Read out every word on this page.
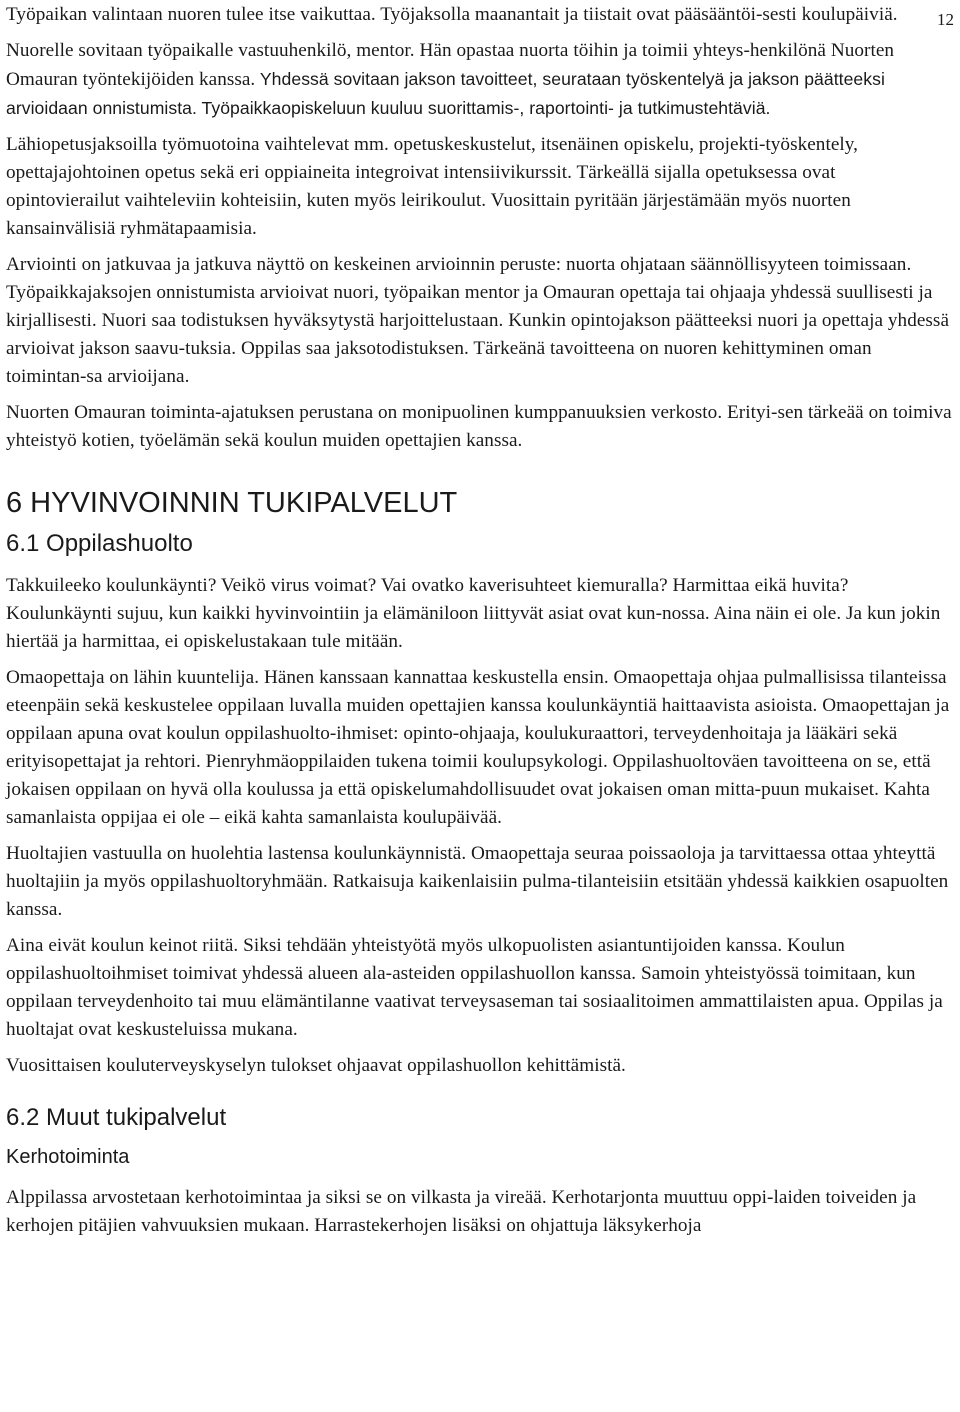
12

Työpaikan valintaan nuoren tulee itse vaikuttaa. Työjaksolla maanantait ja tiistait ovat pääsääntöi-sesti koulupäiviä.

Nuorelle sovitaan työpaikalle vastuuhenkilö, mentor. Hän opastaa nuorta töihin ja toimii yhteys-henkilönä Nuorten Omauran työntekijöiden kanssa. Yhdessä sovitaan jakson tavoitteet, seurataan työskentelyä ja jakson päätteeksi arvioidaan onnistumista. Työpaikkaopiskeluun kuuluu suorittamis-, raportointi- ja tutkimustehtäviä.

Lähiopetusjaksoilla työmuotoina vaihtelevat mm. opetuskeskustelut, itsenäinen opiskelu, projekti-työskentely, opettajajohtoinen opetus sekä eri oppiaineita integroivat intensiivikurssit. Tärkeällä sijalla opetuksessa ovat opintovierailut vaihteleviin kohteisiin, kuten myös leirikoulut. Vuosittain pyritään järjestämään myös nuorten kansainvälisiä ryhmätapaamisia.

Arviointi on jatkuvaa ja jatkuva näyttö on keskeinen arvioinnin peruste: nuorta ohjataan säännöllisyyteen toimissaan. Työpaikkajaksojen onnistumista arvioivat nuori, työpaikan mentor ja Omauran opettaja tai ohjaaja yhdessä suullisesti ja kirjallisesti. Nuori saa todistuksen hyväksytystä harjoittelustaan. Kunkin opintojakson päätteeksi nuori ja opettaja yhdessä arvioivat jakson saavu-tuksia. Oppilas saa jaksotodistuksen. Tärkeänä tavoitteena on nuoren kehittyminen oman toimintan-sa arvioijana.

Nuorten Omauran toiminta-ajatuksen perustana on monipuolinen kumppanuuksien verkosto. Erityi-sen tärkeää on toimiva yhteistyö kotien, työelämän sekä koulun muiden opettajien kanssa.

6 HYVINVOINNIN TUKIPALVELUT
6.1 Oppilashuolto

Takkuileeko koulunkäynti? Veikö virus voimat? Vai ovatko kaverisuhteet kiemuralla? Harmittaa eikä huvita? Koulunkäynti sujuu, kun kaikki hyvinvointiin ja elämäniloon liittyvät asiat ovat kun-nossa. Aina näin ei ole. Ja kun jokin hiertää ja harmittaa, ei opiskelustakaan tule mitään.

Omaopettaja on lähin kuuntelija. Hänen kanssaan kannattaa keskustella ensin. Omaopettaja ohjaa pulmallisissa tilanteissa eteenpäin sekä keskustelee oppilaan luvalla muiden opettajien kanssa koulunkäyntiä haittaavista asioista. Omaopettajan ja oppilaan apuna ovat koulun oppilashuolto-ihmiset: opinto-ohjaaja, koulukuraattori, terveydenhoitaja ja lääkäri sekä erityisopettajat ja rehtori. Pienryhmäoppilaiden tukena toimii koulupsykologi. Oppilashuoltoväen tavoitteena on se, että jokaisen oppilaan on hyvä olla koulussa ja että opiskelumahdollisuudet ovat jokaisen oman mitta-puun mukaiset. Kahta samanlaista oppijaa ei ole – eikä kahta samanlaista koulupäivää.

Huoltajien vastuulla on huolehtia lastensa koulunkäynnistä. Omaopettaja seuraa poissaoloja ja tarvittaessa ottaa yhteyttä huoltajiin ja myös oppilashuoltoryhmään. Ratkaisuja kaikenlaisiin pulma-tilanteisiin etsitään yhdessä kaikkien osapuolten kanssa.

Aina eivät koulun keinot riitä. Siksi tehdään yhteistyötä myös ulkopuolisten asiantuntijoiden kanssa. Koulun oppilashuoltoihmiset toimivat yhdessä alueen ala-asteiden oppilashuollon kanssa. Samoin yhteistyössä toimitaan, kun oppilaan terveydenhoito tai muu elämäntilanne vaativat terveysaseman tai sosiaalitoimen ammattilaisten apua. Oppilas ja huoltajat ovat keskusteluissa mukana.

Vuosittaisen kouluterveyskyselyn tulokset ohjaavat oppilashuollon kehittämistä.

6.2 Muut tukipalvelut
Kerhotoiminta

Alppilassa arvostetaan kerhotoimintaa ja siksi se on vilkasta ja vireää. Kerhotarjonta muuttuu oppi-laiden toiveiden ja kerhojen pitäjien vahvuuksien mukaan. Harrastekerhojen lisäksi on ohjattuja läksykerhoja
